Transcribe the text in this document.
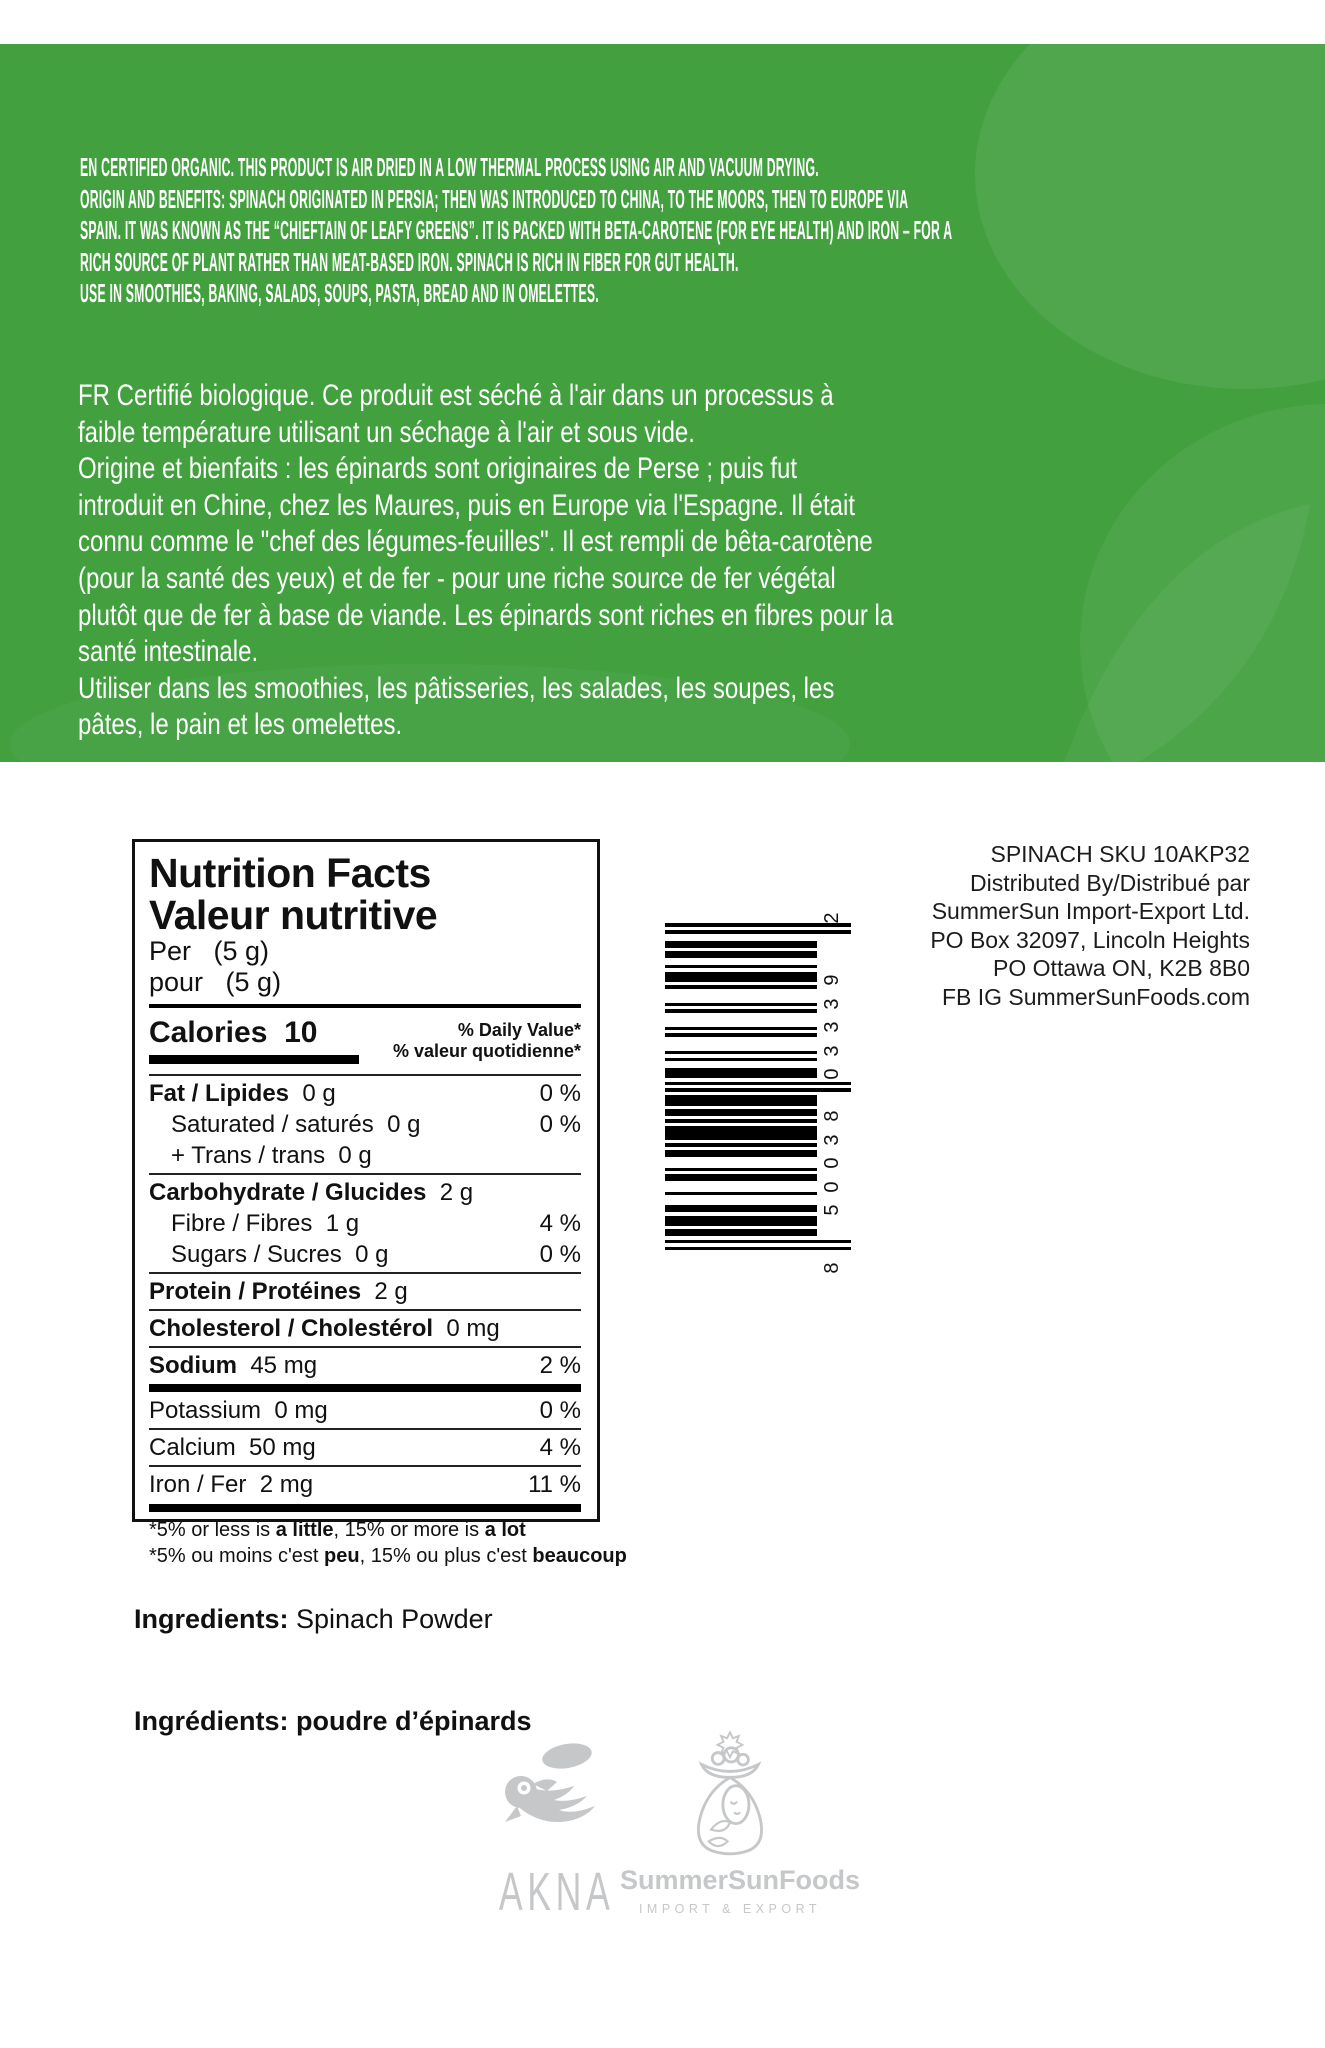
EN CERTIFIED ORGANIC. THIS PRODUCT IS AIR DRIED IN A LOW THERMAL PROCESS USING AIR AND VACUUM DRYING.
ORIGIN AND BENEFITS: SPINACH ORIGINATED IN PERSIA; THEN WAS INTRODUCED TO CHINA, TO THE MOORS, THEN TO EUROPE VIA
SPAIN. IT WAS KNOWN AS THE “CHIEFTAIN OF LEAFY GREENS”. IT IS PACKED WITH BETA-CAROTENE (FOR EYE HEALTH) AND IRON – FOR A
RICH SOURCE OF PLANT RATHER THAN MEAT-BASED IRON. SPINACH IS RICH IN FIBER FOR GUT HEALTH.
USE IN SMOOTHIES, BAKING, SALADS, SOUPS, PASTA, BREAD AND IN OMELETTES.
FR Certifié biologique. Ce produit est séché à l'air dans un processus à
faible température utilisant un séchage à l'air et sous vide.
Origine et bienfaits : les épinards sont originaires de Perse ; puis fut
introduit en Chine, chez les Maures, puis en Europe via l'Espagne. Il était
connu comme le "chef des légumes-feuilles". Il est rempli de bêta-carotène
(pour la santé des yeux) et de fer - pour une riche source de fer végétal
plutôt que de fer à base de viande. Les épinards sont riches en fibres pour la
santé intestinale.
Utiliser dans les smoothies, les pâtisseries, les salades, les soupes, les
pâtes, le pain et les omelettes.
Nutrition Facts
Valeur nutritive
Per   (5 g)
pour   (5 g)
Calories 10	% Daily Value*
% valeur quotidienne*
Fat / Lipides  0 g	0 %
Saturated / saturés  0 g	0 %
+ Trans / trans  0 g
Carbohydrate / Glucides  2 g
Fibre / Fibres  1 g	4 %
Sugars / Sucres  0 g	0 %
Protein / Protéines  2 g
Cholesterol / Cholestérol  0 mg
Sodium  45 mg	2 %
Potassium  0 mg	0 %
Calcium  50 mg	4 %
Iron / Fer  2 mg	11 %
*5% or less is a little, 15% or more is a lot
*5% ou moins c'est peu, 15% ou plus c'est beaucoup

Ingredients: Spinach Powder

Ingrédients: poudre d’épinards

2
9
3
3
3
0
8
3
0
0
5
8
SPINACH SKU 10AKP32
Distributed By/Distribué par
SummerSun Import-Export Ltd.
PO Box 32097, Lincoln Heights
PO Ottawa ON, K2B 8B0
FB IG SummerSunFoods.com
AKNA SummerSunFoods
IMPORT & EXPORT
